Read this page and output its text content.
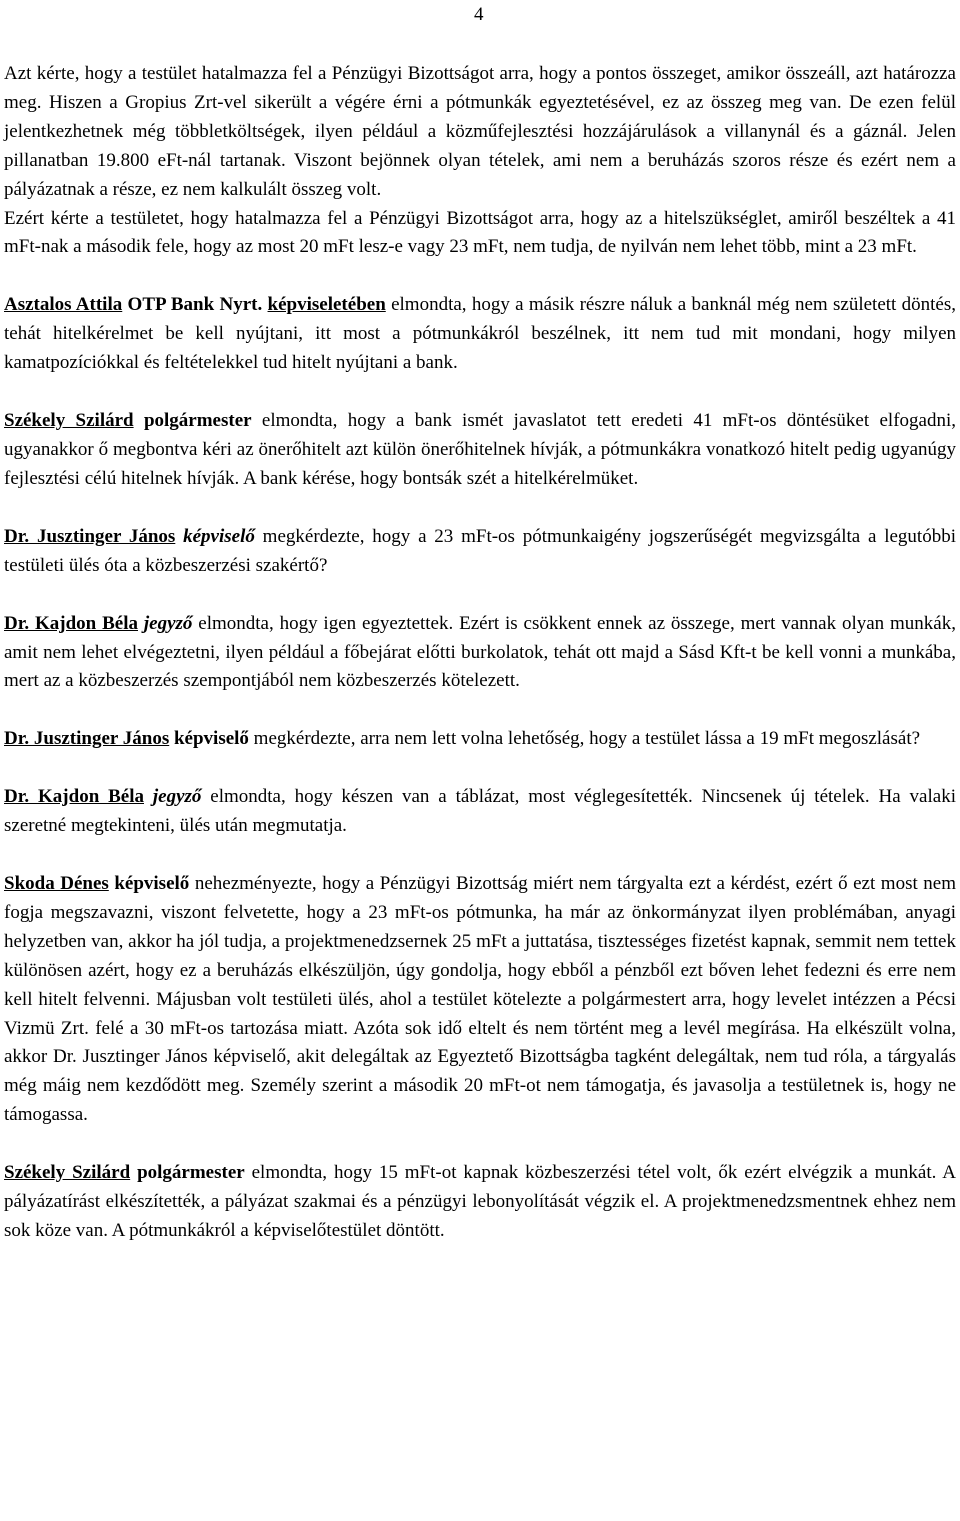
4

Azt kérte, hogy a testület hatalmazza fel a Pénzügyi Bizottságot arra, hogy a pontos összeget, amikor összeáll, azt határozza meg. Hiszen a Gropius Zrt-vel sikerült a végére érni a pótmunkák egyeztetésével, ez az összeg meg van. De ezen felül jelentkezhetnek még többletköltségek, ilyen például a közműfejlesztési hozzájárulások a villanynál és a gáznál. Jelen pillanatban 19.800 eFt-nál tartanak. Viszont bejönnek olyan tételek, ami nem a beruházás szoros része és ezért nem a pályázatnak a része, ez nem kalkulált összeg volt.

Ezért kérte a testületet, hogy hatalmazza fel a Pénzügyi Bizottságot arra, hogy az a hitelszükséglet, amiről beszéltek a 41 mFt-nak a második fele, hogy az most 20 mFt lesz-e vagy 23 mFt, nem tudja, de nyilván nem lehet több, mint a 23 mFt.

Asztalos Attila OTP Bank Nyrt. képviseletében elmondta, hogy a másik részre náluk a banknál még nem született döntés, tehát hitelkérelmet be kell nyújtani, itt most a pótmunkákról beszélnek, itt nem tud mit mondani, hogy milyen kamatpozíciókkal és feltételekkel tud hitelt nyújtani a bank.

Székely Szilárd polgármester elmondta, hogy a bank ismét javaslatot tett eredeti 41 mFt-os döntésüket elfogadni, ugyanakkor ő megbontva kéri az önerőhitelt azt külön önerőhitelnek hívják, a pótmunkákra vonatkozó hitelt pedig ugyanúgy fejlesztési célú hitelnek hívják. A bank kérése, hogy bontsák szét a hitelkérelmüket.

Dr. Jusztinger János képviselő megkérdezte, hogy a 23 mFt-os pótmunkaigény jogszerűségét megvizsgálta a legutóbbi testületi ülés óta a közbeszerzési szakértő?

Dr. Kajdon Béla jegyző elmondta, hogy igen egyeztettek. Ezért is csökkent ennek az összege, mert vannak olyan munkák, amit nem lehet elvégeztetni, ilyen például a főbejárat előtti burkolatok, tehát ott majd a Sásd Kft-t be kell vonni a munkába, mert az a közbeszerzés szempontjából nem közbeszerzés kötelezett.

Dr. Jusztinger János képviselő megkérdezte, arra nem lett volna lehetőség, hogy a testület lássa a 19 mFt megoszlását?

Dr. Kajdon Béla jegyző elmondta, hogy készen van a táblázat, most véglegesítették. Nincsenek új tételek. Ha valaki szeretné megtekinteni, ülés után megmutatja.

Skoda Dénes képviselő nehezményezte, hogy a Pénzügyi Bizottság miért nem tárgyalta ezt a kérdést, ezért ő ezt most nem fogja megszavazni, viszont felvetette, hogy a 23 mFt-os pótmunka, ha már az önkormányzat ilyen problémában, anyagi helyzetben van, akkor ha jól tudja, a projektmenedzsernek 25 mFt a juttatása, tisztességes fizetést kapnak, semmit nem tettek különösen azért, hogy ez a beruházás elkészüljön, úgy gondolja, hogy ebből a pénzből ezt bőven lehet fedezni és erre nem kell hitelt felvenni. Májusban volt testületi ülés, ahol a testület kötelezte a polgármestert arra, hogy levelet intézzen a Pécsi Vizmü Zrt. felé a 30 mFt-os tartozása miatt. Azóta sok idő eltelt és nem történt meg a levél megírása. Ha elkészült volna, akkor Dr. Jusztinger János képviselő, akit delegáltak az Egyeztető Bizottságba tagként delegáltak, nem tud róla, a tárgyalás még máig nem kezdődött meg. Személy szerint a második 20 mFt-ot nem támogatja, és javasolja a testületnek is, hogy ne támogassa.

Székely Szilárd polgármester elmondta, hogy 15 mFt-ot kapnak közbeszerzési tétel volt, ők ezért elvégzik a munkát. A pályázatírást elkészítették, a pályázat szakmai és a pénzügyi lebonyolítását végzik el. A projektmenedzsmentnek ehhez nem sok köze van. A pótmunkákról a képviselőtestület döntött.
